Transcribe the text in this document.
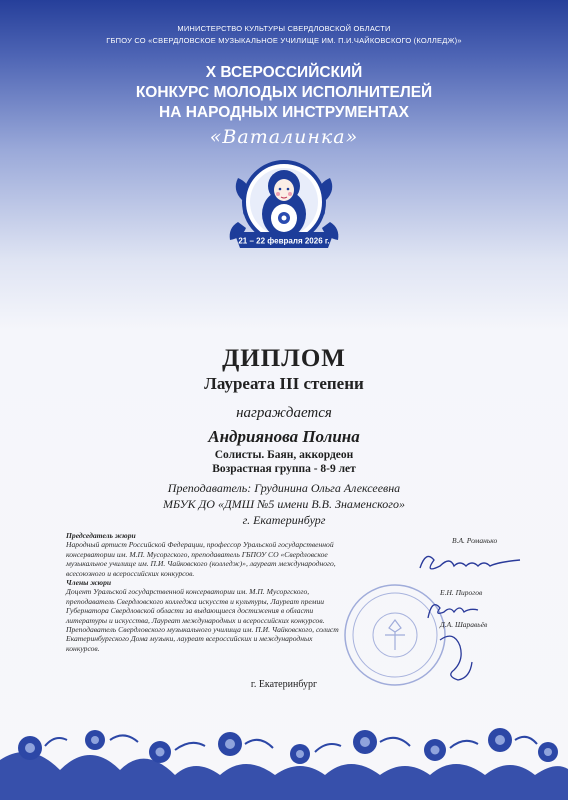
МИНИСТЕРСТВО КУЛЬТУРЫ СВЕРДЛОВСКОЙ ОБЛАСТИ
ГБПОУ СО «СВЕРДЛОВСКОЕ МУЗЫКАЛЬНОЕ УЧИЛИЩЕ ИМ. П.И.ЧАЙКОВСКОГО (КОЛЛЕДЖ)»
X ВСЕРОССИЙСКИЙ
КОНКУРС МОЛОДЫХ ИСПОЛНИТЕЛЕЙ
НА НАРОДНЫХ ИНСТРУМЕНТАХ
«Ваталинка»
21 – 22 февраля 2026 г.
ДИПЛОМ
Лауреата III степени
награждается
Андриянова Полина
Солисты. Баян, аккордеон
Возрастная группа - 8-9 лет
Преподаватель: Грудинина Ольга Алексеевна
МБУК ДО «ДМШ №5 имени В.В. Знаменского»
г. Екатеринбург
Председатель жюри
Народный артист Российской Федерации, профессор Уральской государственной
консерватории им. М.П. Мусоргского, преподаватель ГБПОУ СО «Свердловское
музыкальное училище им. П.И. Чайковского (колледж)», лауреат международного,
всесоюзного и всероссийских конкурсов.
Члены жюри
Доцент Уральской государственной консерватории им. М.П. Мусоргского,
преподаватель Свердловского колледжа искусств и культуры, Лауреат премии
Губернатора Свердловской области за выдающиеся достижения в области
литературы и искусства, Лауреат международных и всероссийских конкурсов.
Преподаватель Свердловского музыкального училища им. П.И. Чайковского, солист
Екатеринбургского Дома музыки, лауреат всероссийских и международных
конкурсов.
В.А. Романько
Е.Н. Пирогов
Д.А. Шаравьёв
г. Екатеринбург
